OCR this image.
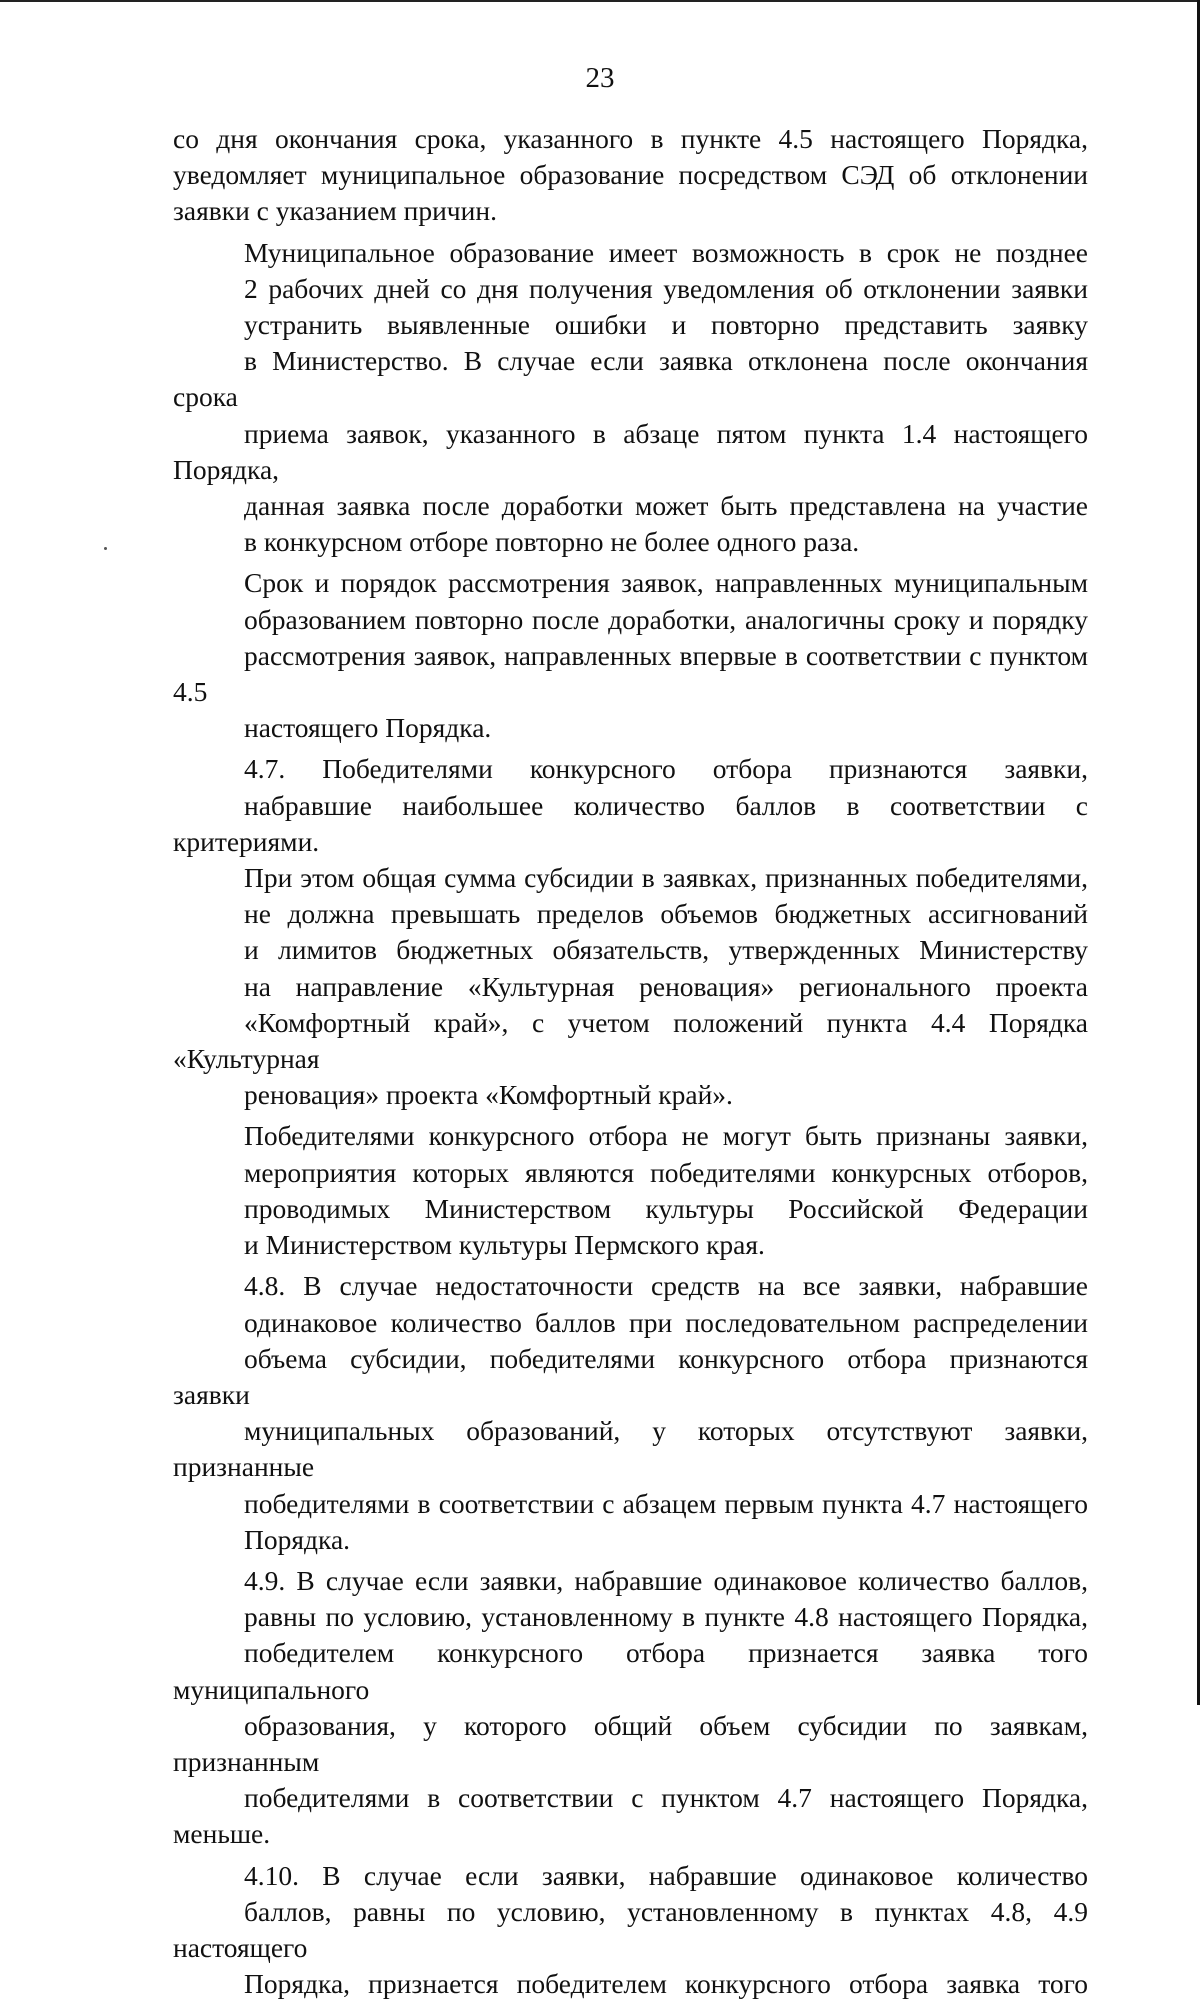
23
со дня окончания срока, указанного в пункте 4.5 настоящего Порядка,
уведомляет муниципальное образование посредством СЭД об отклонении
заявки с указанием причин.
Муниципальное образование имеет возможность в срок не позднее
2 рабочих дней со дня получения уведомления об отклонении заявки
устранить выявленные ошибки и повторно представить заявку
в Министерство. В случае если заявка отклонена после окончания срока
приема заявок, указанного в абзаце пятом пункта 1.4 настоящего Порядка,
данная заявка после доработки может быть представлена на участие
в конкурсном отборе повторно не более одного раза.
Срок и порядок рассмотрения заявок, направленных муниципальным
образованием повторно после доработки, аналогичны сроку и порядку
рассмотрения заявок, направленных впервые в соответствии с пунктом 4.5
настоящего Порядка.
4.7. Победителями конкурсного отбора признаются заявки,
набравшие наибольшее количество баллов в соответствии с критериями.
При этом общая сумма субсидии в заявках, признанных победителями,
не должна превышать пределов объемов бюджетных ассигнований
и лимитов бюджетных обязательств, утвержденных Министерству
на направление «Культурная реновация» регионального проекта
«Комфортный край», с учетом положений пункта 4.4 Порядка «Культурная
реновация» проекта «Комфортный край».
Победителями конкурсного отбора не могут быть признаны заявки,
мероприятия которых являются победителями конкурсных отборов,
проводимых Министерством культуры Российской Федерации
и Министерством культуры Пермского края.
4.8. В случае недостаточности средств на все заявки, набравшие
одинаковое количество баллов при последовательном распределении
объема субсидии, победителями конкурсного отбора признаются заявки
муниципальных образований, у которых отсутствуют заявки, признанные
победителями в соответствии с абзацем первым пункта 4.7 настоящего
Порядка.
4.9. В случае если заявки, набравшие одинаковое количество баллов,
равны по условию, установленному в пункте 4.8 настоящего Порядка,
победителем конкурсного отбора признается заявка того муниципального
образования, у которого общий объем субсидии по заявкам, признанным
победителями в соответствии с пунктом 4.7 настоящего Порядка, меньше.
4.10. В случае если заявки, набравшие одинаковое количество
баллов, равны по условию, установленному в пунктах 4.8, 4.9 настоящего
Порядка, признается победителем конкурсного отбора заявка того
